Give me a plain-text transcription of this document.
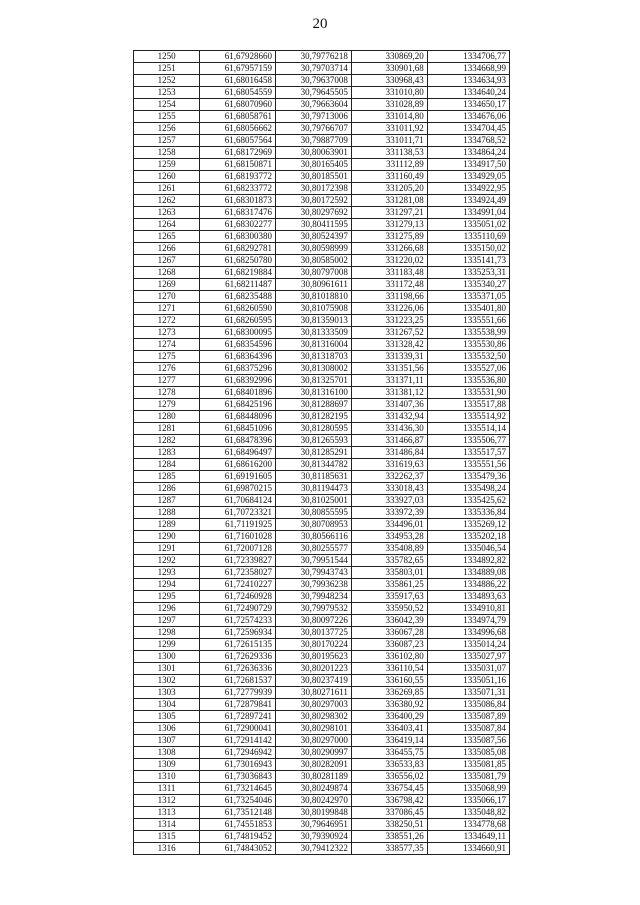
20
1250	61,67928660	30,79776218	330869,20	1334706,77
1251	61,67957159	30,79703714	330901,68	1334668,99
1252	61,68016458	30,79637008	330968,43	1334634,93
1253	61,68054559	30,79645505	331010,80	1334640,24
1254	61,68070960	30,79663604	331028,89	1334650,17
1255	61,68058761	30,79713006	331014,80	1334676,06
1256	61,68056662	30,79766707	331011,92	1334704,45
1257	61,68057564	30,79887709	331011,71	1334768,52
1258	61,68172969	30,80063901	331138,53	1334864,24
1259	61,68150871	30,80165405	331112,89	1334917,50
1260	61,68193772	30,80185501	331160,49	1334929,05
1261	61,68233772	30,80172398	331205,20	1334922,95
1262	61,68301873	30,80172592	331281,08	1334924,49
1263	61,68317476	30,80297692	331297,21	1334991,04
1264	61,68302277	30,80411595	331279,13	1335051,02
1265	61,68300380	30,80524397	331275,89	1335110,69
1266	61,68292781	30,80598999	331266,68	1335150,02
1267	61,68250780	30,80585002	331220,02	1335141,73
1268	61,68219884	30,80797008	331183,48	1335253,31
1269	61,68211487	30,80961611	331172,48	1335340,27
1270	61,68235488	30,81018810	331198,66	1335371,05
1271	61,68260590	30,81075908	331226,06	1335401,80
1272	61,68260595	30,81359013	331223,25	1335551,66
1273	61,68300095	30,81333509	331267,52	1335538,99
1274	61,68354596	30,81316004	331328,42	1335530,86
1275	61,68364396	30,81318703	331339,31	1335532,50
1276	61,68375296	30,81308002	331351,56	1335527,06
1277	61,68392996	30,81325701	331371,11	1335536,80
1278	61,68401896	30,81316100	331381,12	1335531,90
1279	61,68425196	30,81288697	331407,36	1335517,88
1280	61,68448096	30,81282195	331432,94	1335514,92
1281	61,68451096	30,81280595	331436,30	1335514,14
1282	61,68478396	30,81265593	331466,87	1335506,77
1283	61,68496497	30,81285291	331486,84	1335517,57
1284	61,68616200	30,81344782	331619,63	1335551,56
1285	61,69191605	30,81185631	332262,37	1335479,36
1286	61,69870215	30,81194473	333018,43	1335498,24
1287	61,70684124	30,81025001	333927,03	1335425,62
1288	61,70723321	30,80855595	333972,39	1335336,84
1289	61,71191925	30,80708953	334496,01	1335269,12
1290	61,71601028	30,80566116	334953,28	1335202,18
1291	61,72007128	30,80255577	335408,89	1335046,54
1292	61,72339827	30,79951544	335782,65	1334892,82
1293	61,72358027	30,79943743	335803,01	1334889,08
1294	61,72410227	30,79936238	335861,25	1334886,22
1295	61,72460928	30,79948234	335917,63	1334893,63
1296	61,72490729	30,79979532	335950,52	1334910,81
1297	61,72574233	30,80097226	336042,39	1334974,79
1298	61,72596934	30,80137725	336067,28	1334996,68
1299	61,72615135	30,80170224	336087,23	1335014,24
1300	61,72629336	30,80195623	336102,80	1335027,97
1301	61,72636336	30,80201223	336110,54	1335031,07
1302	61,72681537	30,80237419	336160,55	1335051,16
1303	61,72779939	30,80271611	336269,85	1335071,31
1304	61,72879841	30,80297003	336380,92	1335086,84
1305	61,72897241	30,80298302	336400,29	1335087,89
1306	61,72900041	30,80298101	336403,41	1335087,84
1307	61,72914142	30,80297000	336419,14	1335087,56
1308	61,72946942	30,80290997	336455,75	1335085,08
1309	61,73016943	30,80282091	336533,83	1335081,85
1310	61,73036843	30,80281189	336556,02	1335081,79
1311	61,73214645	30,80249874	336754,45	1335068,99
1312	61,73254046	30,80242970	336798,42	1335066,17
1313	61,73512148	30,80199848	337086,45	1335048,82
1314	61,74551853	30,79646951	338250,51	1334778,68
1315	61,74819452	30,79390924	338551,26	1334649,11
1316	61,74843052	30,79412322	338577,35	1334660,91
